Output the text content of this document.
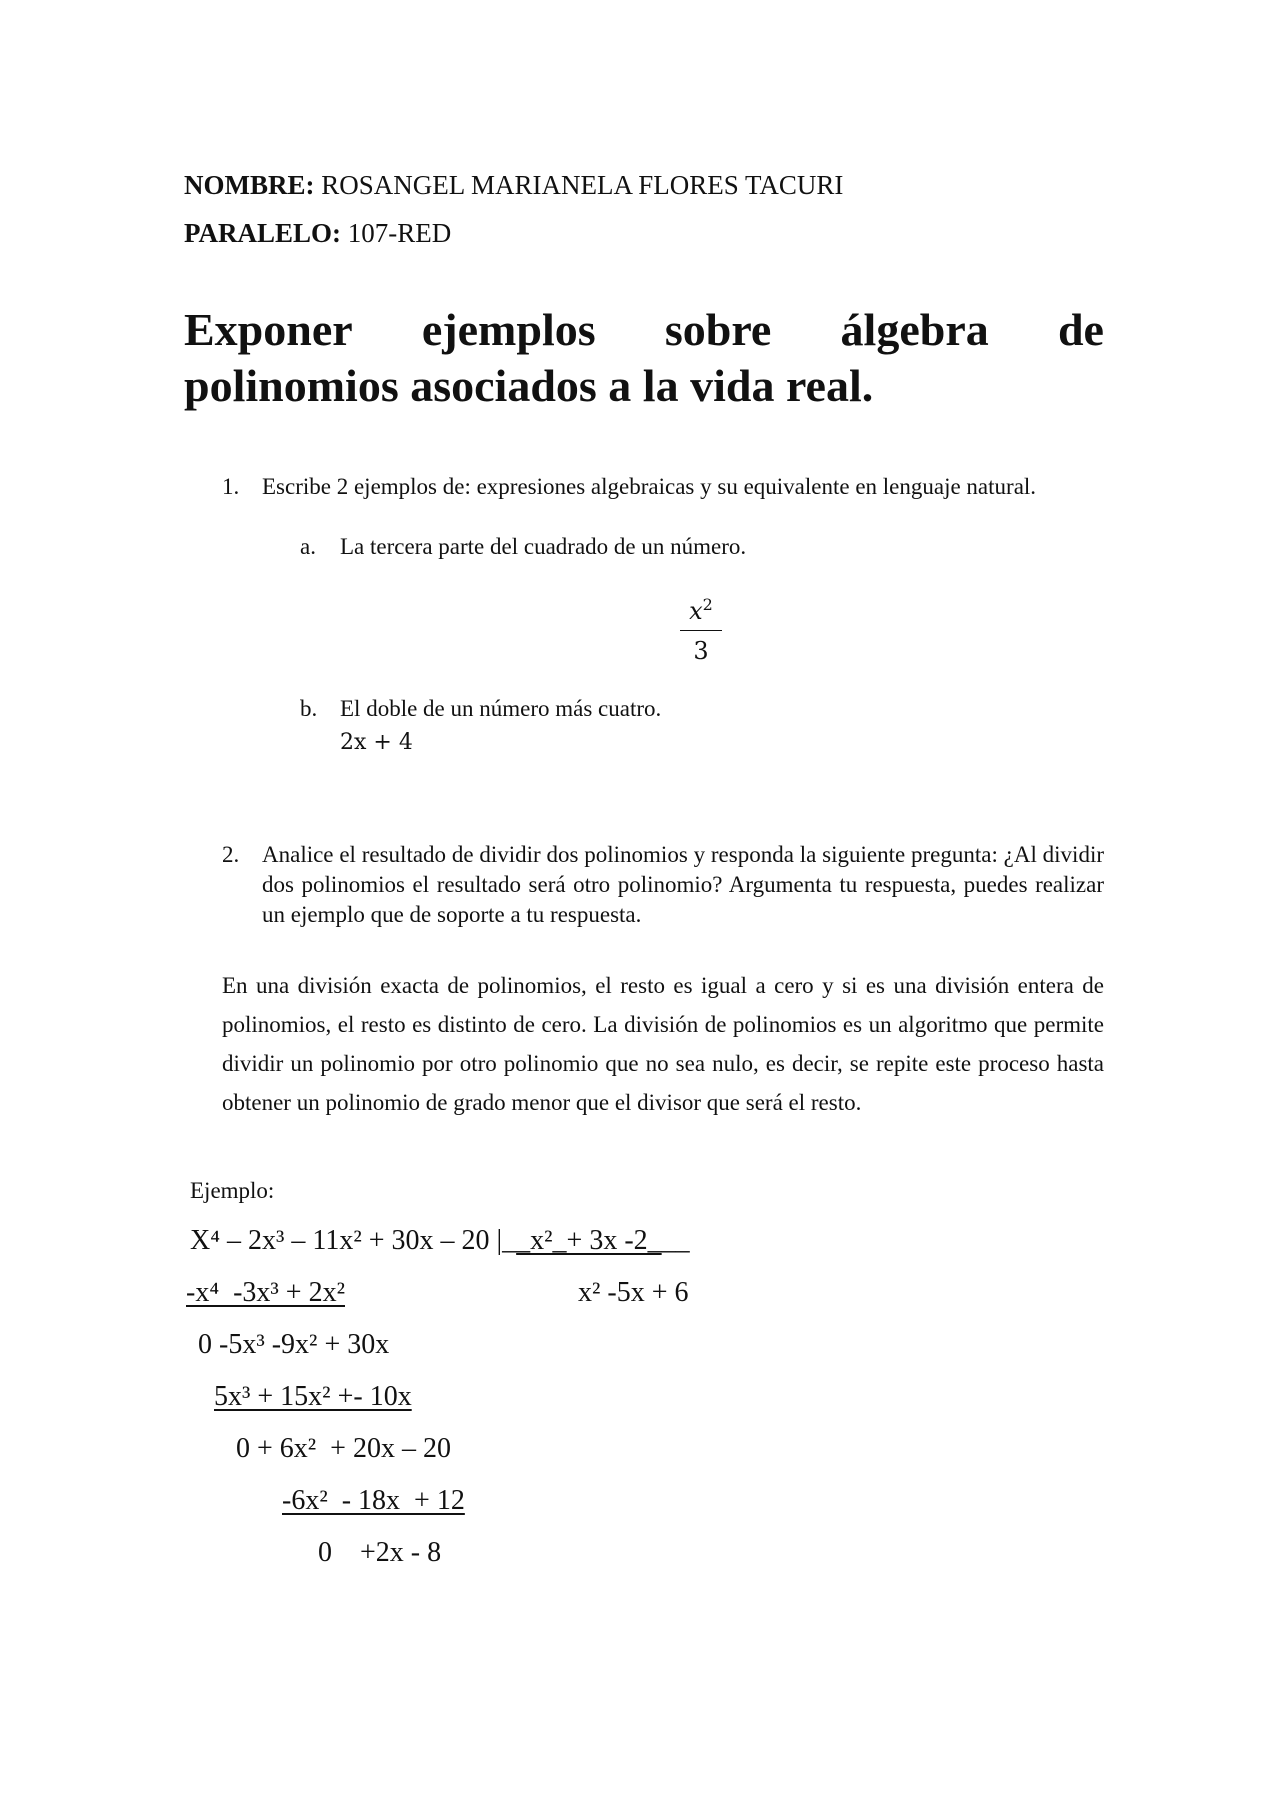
NOMBRE: ROSANGEL MARIANELA FLORES TACURI
PARALELO: 107-RED
Exponer ejemplos sobre álgebra de
polinomios asociados a la vida real.
1. Escribe 2 ejemplos de: expresiones algebraicas y su equivalente en lenguaje natural.
a. La tercera parte del cuadrado de un número.
$x^2$
3
b. El doble de un número más cuatro.
2x + 4
2. Analice el resultado de dividir dos polinomios y responda la siguiente pregunta: ¿Al dividir dos polinomios el resultado será otro polinomio? Argumenta tu respuesta, puedes realizar un ejemplo que de soporte a tu respuesta.
En una división exacta de polinomios, el resto es igual a cero y si es una división entera de polinomios, el resto es distinto de cero. La división de polinomios es un algoritmo que permite dividir un polinomio por otro polinomio que no sea nulo, es decir, se repite este proceso hasta obtener un polinomio de grado menor que el divisor que será el resto.
Ejemplo:
X⁴ – 2x³ – 11x² + 30x – 20 |__x²_+ 3x -2___
-x⁴  -3x³ + 2x²	x² -5x + 6
0 -5x³ -9x² + 30x
5x³ + 15x² +- 10x
0 + 6x²  + 20x – 20
-6x²  - 18x  + 12
0    +2x - 8
